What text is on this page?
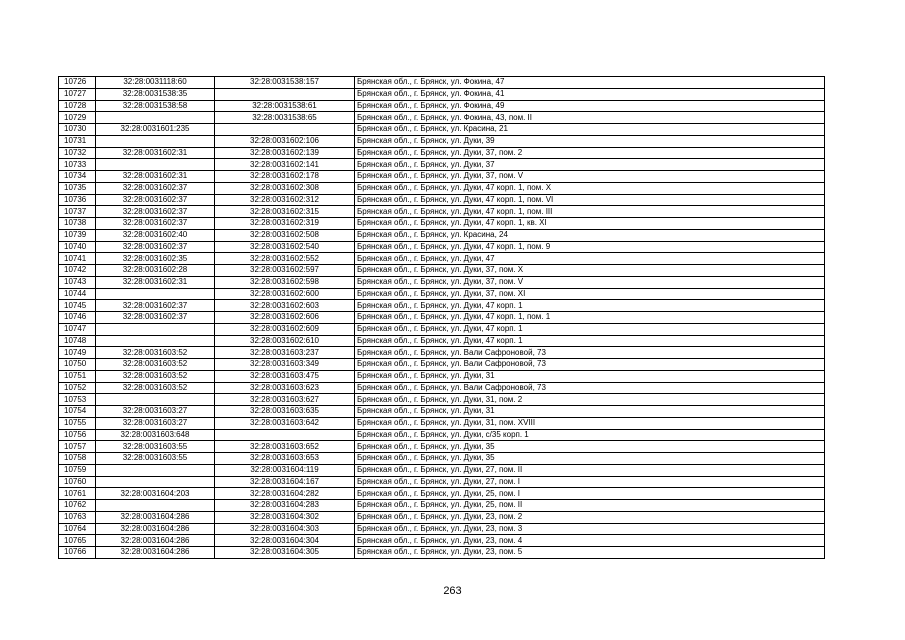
10726	32:28:0031118:60	32:28:0031538:157	Брянская обл., г. Брянск, ул. Фокина, 47
10727	32:28:0031538:35		Брянская обл., г. Брянск, ул. Фокина, 41
10728	32:28:0031538:58	32:28:0031538:61	Брянская обл., г. Брянск, ул. Фокина, 49
10729		32:28:0031538:65	Брянская обл., г. Брянск, ул. Фокина, 43, пом. II
10730	32:28:0031601:235		Брянская обл., г. Брянск, ул. Красина, 21
10731		32:28:0031602:106	Брянская обл., г. Брянск, ул. Дуки, 39
10732	32:28:0031602:31	32:28:0031602:139	Брянская обл., г. Брянск, ул. Дуки, 37, пом. 2
10733		32:28:0031602:141	Брянская обл., г. Брянск, ул. Дуки, 37
10734	32:28:0031602:31	32:28:0031602:178	Брянская обл., г. Брянск, ул. Дуки, 37, пом. V
10735	32:28:0031602:37	32:28:0031602:308	Брянская обл., г. Брянск, ул. Дуки, 47 корп. 1, пом. X
10736	32:28:0031602:37	32:28:0031602:312	Брянская обл., г. Брянск, ул. Дуки, 47 корп. 1, пом. VI
10737	32:28:0031602:37	32:28:0031602:315	Брянская обл., г. Брянск, ул. Дуки, 47 корп. 1, пом. III
10738	32:28:0031602:37	32:28:0031602:319	Брянская обл., г. Брянск, ул. Дуки, 47 корп. 1, кв. XI
10739	32:28:0031602:40	32:28:0031602:508	Брянская обл., г. Брянск, ул. Красина, 24
10740	32:28:0031602:37	32:28:0031602:540	Брянская обл., г. Брянск, ул. Дуки, 47 корп. 1, пом. 9
10741	32:28:0031602:35	32:28:0031602:552	Брянская обл., г. Брянск, ул. Дуки, 47
10742	32:28:0031602:28	32:28:0031602:597	Брянская обл., г. Брянск, ул. Дуки, 37, пом. X
10743	32:28:0031602:31	32:28:0031602:598	Брянская обл., г. Брянск, ул. Дуки, 37, пом. V
10744		32:28:0031602:600	Брянская обл., г. Брянск, ул. Дуки, 37, пом. XI
10745	32:28:0031602:37	32:28:0031602:603	Брянская обл., г. Брянск, ул. Дуки, 47 корп. 1
10746	32:28:0031602:37	32:28:0031602:606	Брянская обл., г. Брянск, ул. Дуки, 47 корп. 1, пом. 1
10747		32:28:0031602:609	Брянская обл., г. Брянск, ул. Дуки, 47 корп. 1
10748		32:28:0031602:610	Брянская обл., г. Брянск, ул. Дуки, 47 корп. 1
10749	32:28:0031603:52	32:28:0031603:237	Брянская обл., г. Брянск, ул. Вали Сафроновой, 73
10750	32:28:0031603:52	32:28:0031603:349	Брянская обл., г. Брянск, ул. Вали Сафроновой, 73
10751	32:28:0031603:52	32:28:0031603:475	Брянская обл., г. Брянск, ул. Дуки, 31
10752	32:28:0031603:52	32:28:0031603:623	Брянская обл., г. Брянск, ул. Вали Сафроновой, 73
10753		32:28:0031603:627	Брянская обл., г. Брянск, ул. Дуки, 31, пом. 2
10754	32:28:0031603:27	32:28:0031603:635	Брянская обл., г. Брянск, ул. Дуки, 31
10755	32:28:0031603:27	32:28:0031603:642	Брянская обл., г. Брянск, ул. Дуки, 31, пом. XVIII
10756	32:28:0031603:648		Брянская обл., г. Брянск, ул. Дуки, с/35 корп. 1
10757	32:28:0031603:55	32:28:0031603:652	Брянская обл., г. Брянск, ул. Дуки, 35
10758	32:28:0031603:55	32:28:0031603:653	Брянская обл., г. Брянск, ул. Дуки, 35
10759		32:28:0031604:119	Брянская обл., г. Брянск, ул. Дуки, 27, пом. II
10760		32:28:0031604:167	Брянская обл., г. Брянск, ул. Дуки, 27, пом. I
10761	32:28:0031604:203	32:28:0031604:282	Брянская обл., г. Брянск, ул. Дуки, 25, пом. I
10762		32:28:0031604:283	Брянская обл., г. Брянск, ул. Дуки, 25, пом. II
10763	32:28:0031604:286	32:28:0031604:302	Брянская обл., г. Брянск, ул. Дуки, 23, пом. 2
10764	32:28:0031604:286	32:28:0031604:303	Брянская обл., г. Брянск, ул. Дуки, 23, пом. 3
10765	32:28:0031604:286	32:28:0031604:304	Брянская обл., г. Брянск, ул. Дуки, 23, пом. 4
10766	32:28:0031604:286	32:28:0031604:305	Брянская обл., г. Брянск, ул. Дуки, 23, пом. 5
263
